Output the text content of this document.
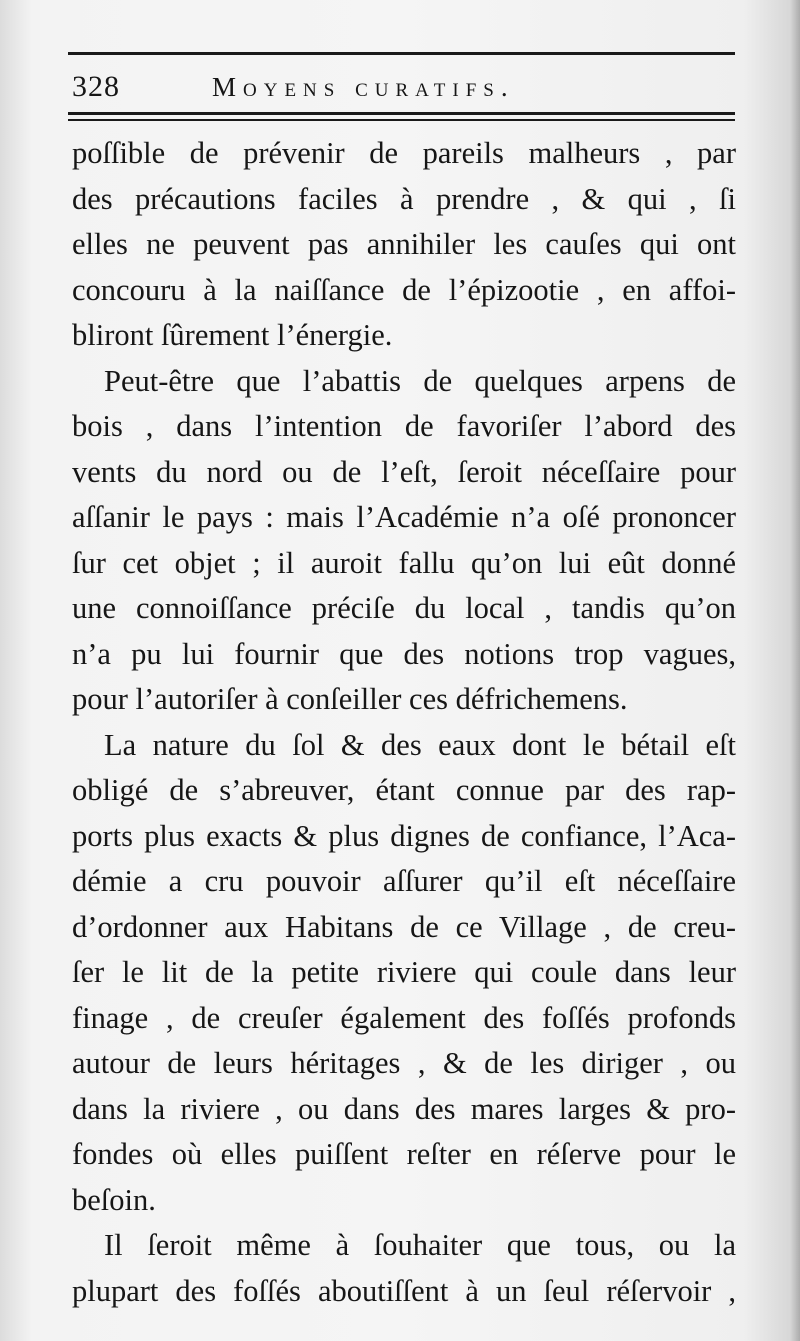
328	Moyens curatifs.
poſſible de prévenir de pareils malheurs , par
des précautions faciles à prendre , & qui , ſi
elles ne peuvent pas annihiler les cauſes qui ont
concouru à la naiſſance de l’épizootie , en affoi-
bliront ſûrement l’énergie.
Peut-être que l’abattis de quelques arpens de
bois , dans l’intention de favoriſer l’abord des
vents du nord ou de l’eſt, ſeroit néceſſaire pour
aſſanir le pays : mais l’Académie n’a oſé prononcer
ſur cet objet ; il auroit fallu qu’on lui eût donné
une connoiſſance préciſe du local , tandis qu’on
n’a pu lui fournir que des notions trop vagues,
pour l’autoriſer à conſeiller ces défrichemens.
La nature du ſol & des eaux dont le bétail eſt
obligé de s’abreuver, étant connue par des rap-
ports plus exacts & plus dignes de confiance, l’Aca-
démie a cru pouvoir aſſurer qu’il eſt néceſſaire
d’ordonner aux Habitans de ce Village , de creu-
ſer le lit de la petite riviere qui coule dans leur
finage , de creuſer également des foſſés profonds
autour de leurs héritages , & de les diriger , ou
dans la riviere , ou dans des mares larges & pro-
fondes où elles puiſſent reſter en réſerve pour le
beſoin.
Il ſeroit même à ſouhaiter que tous, ou la
plupart des foſſés aboutiſſent à un ſeul réſervoir ,
